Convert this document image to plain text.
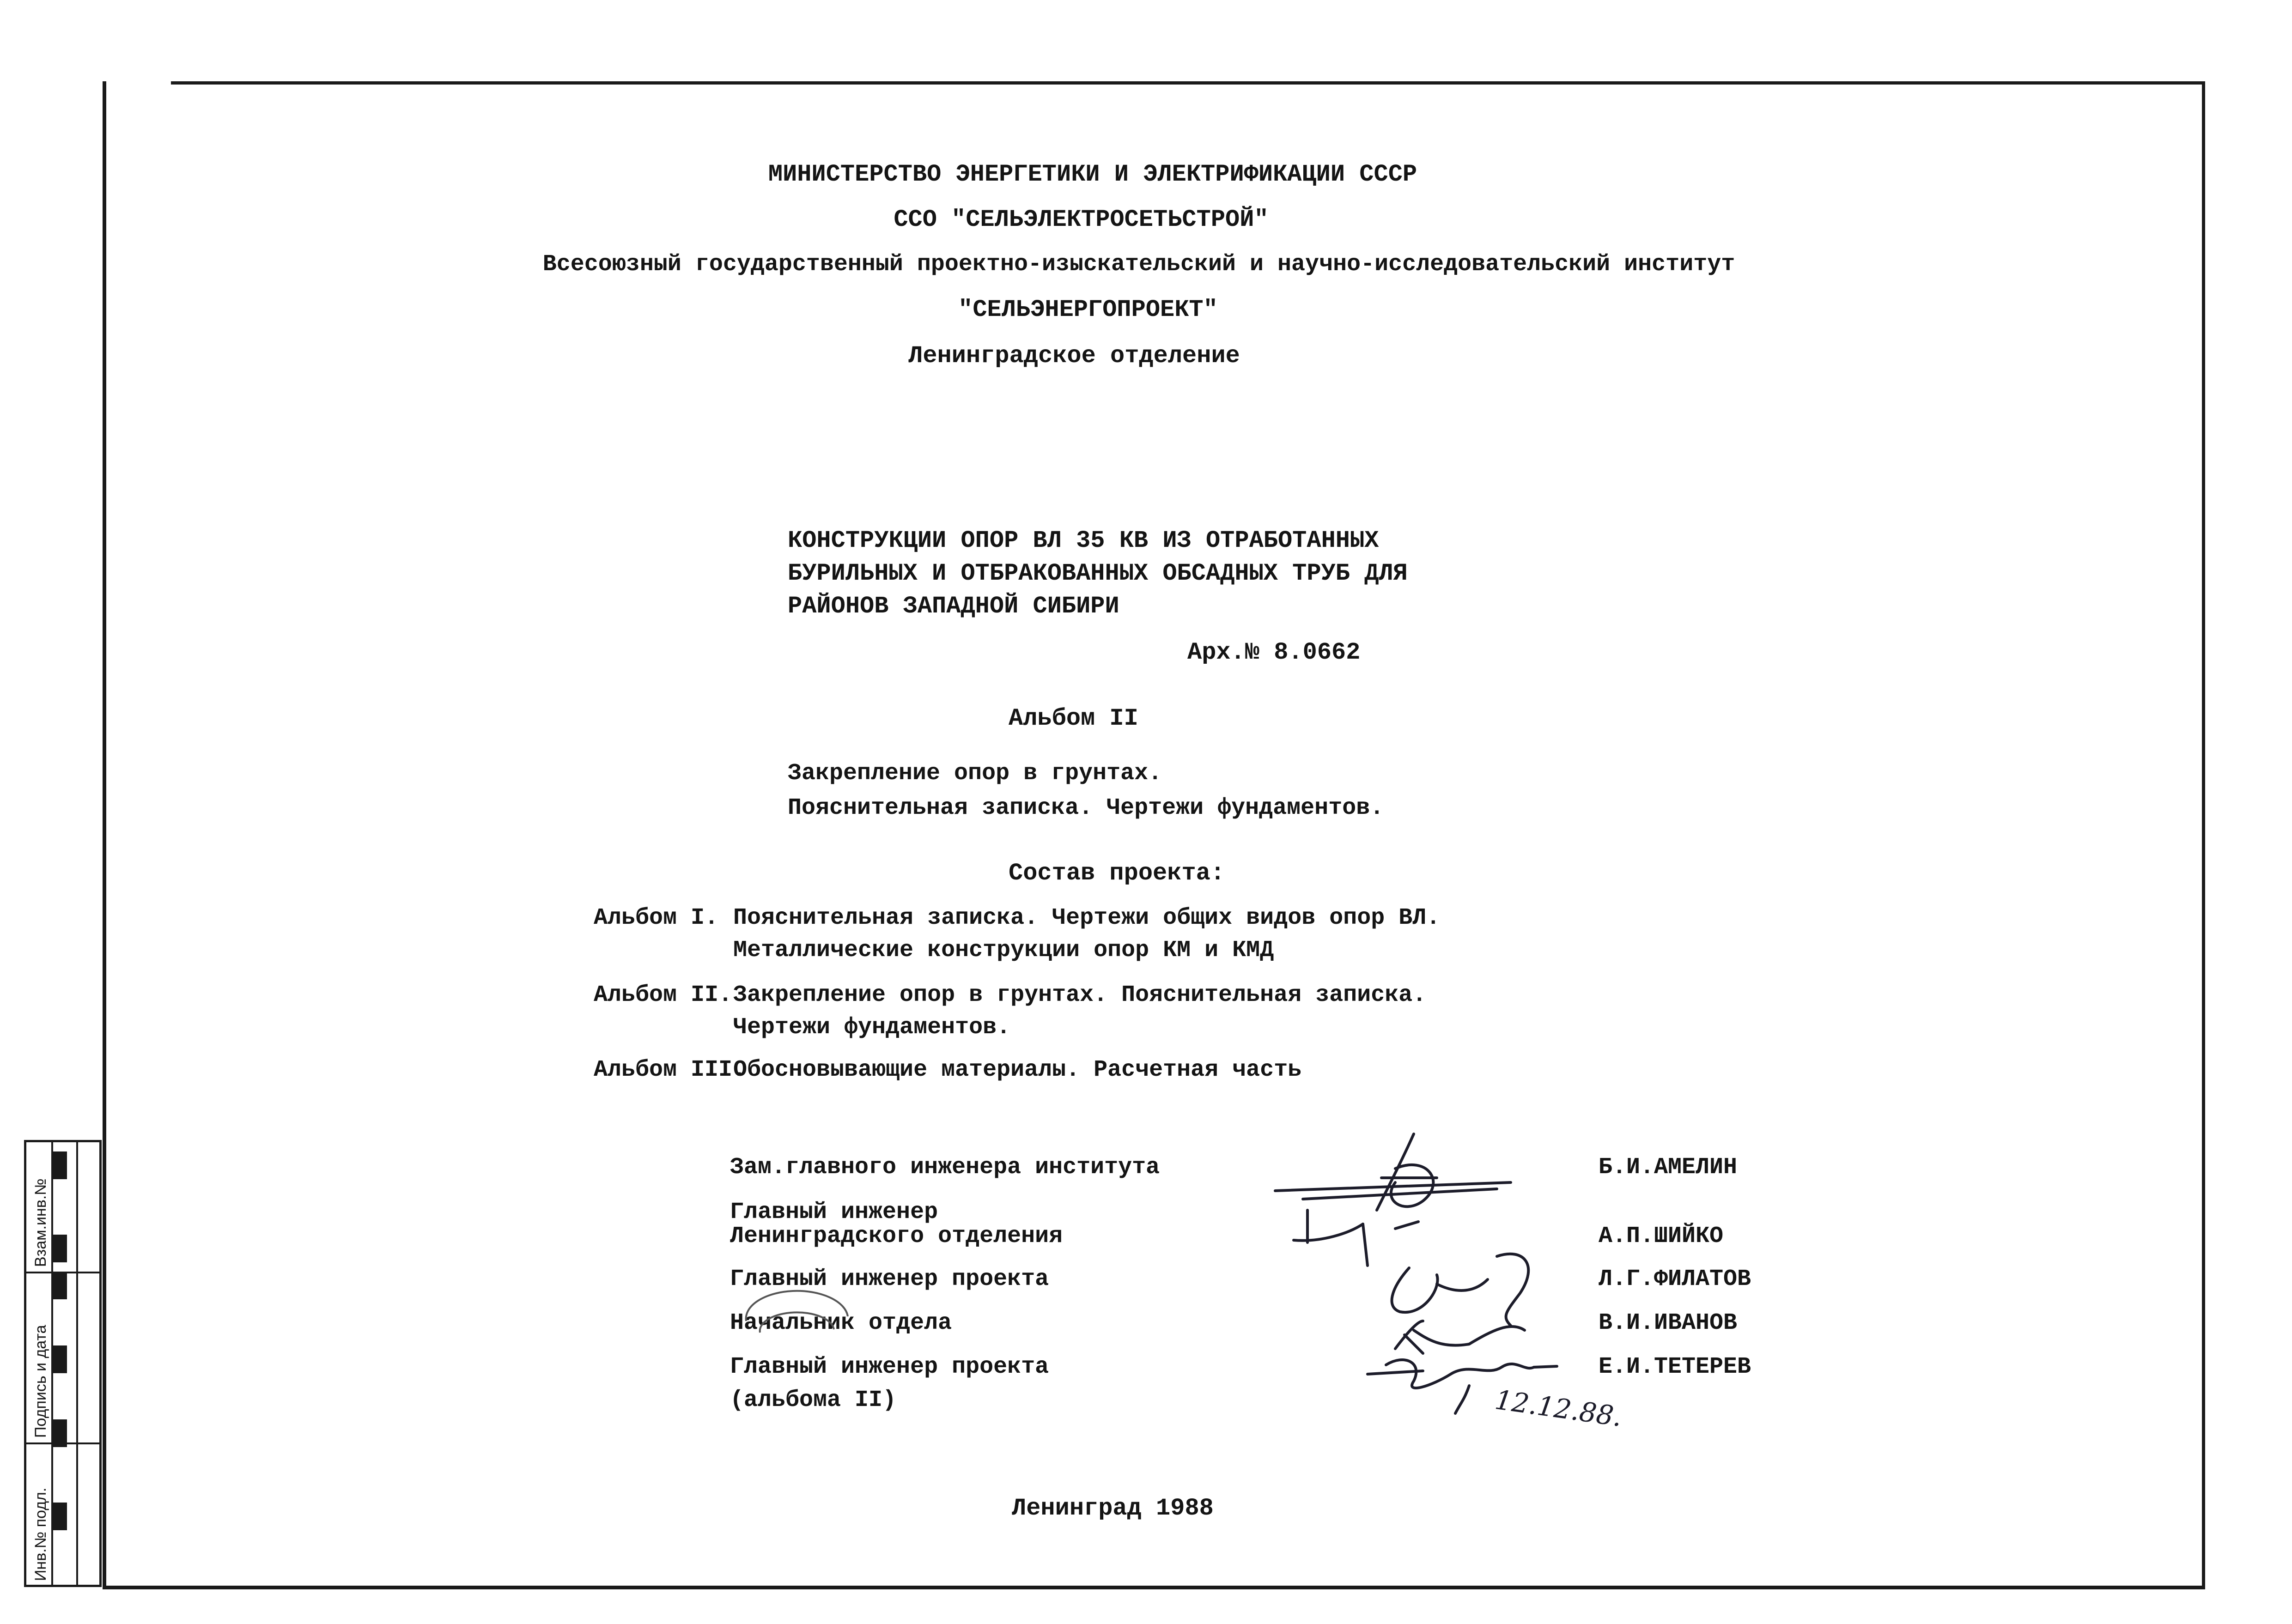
МИНИСТЕРСТВО ЭНЕРГЕТИКИ И ЭЛЕКТРИФИКАЦИИ СССР
ССО "СЕЛЬЭЛЕКТРОСЕТЬСТРОЙ"
Всесоюзный государственный проектно-изыскательский и научно-исследовательский институт
"СЕЛЬЭНЕРГОПРОЕКТ"
Ленинградское отделение
КОНСТРУКЦИИ ОПОР ВЛ 35 КВ ИЗ ОТРАБОТАННЫХ
БУРИЛЬНЫХ И ОТБРАКОВАННЫХ ОБСАДНЫХ ТРУБ ДЛЯ
РАЙОНОВ ЗАПАДНОЙ СИБИРИ
Арх.№ 8.0662
Альбом II
Закрепление опор в грунтах.
Пояснительная записка. Чертежи фундаментов.
Состав проекта:
Альбом I. Пояснительная записка. Чертежи общих видов опор ВЛ.
Металлические конструкции опор КМ и КМД
Альбом II. Закрепление опор в грунтах. Пояснительная записка.
Чертежи фундаментов.
Альбом III.
Обосновывающие материалы. Расчетная часть
Зам.главного инженера института
Главный инженер
Ленинградского отделения
Главный инженер проекта
Начальник отдела
Главный инженер проекта
(альбома II)
Б.И.АМЕЛИН
А.П.ШИЙКО
Л.Г.ФИЛАТОВ
В.И.ИВАНОВ
Е.И.ТЕТЕРЕВ
12.12.88.
Инв.№ подл.
Подпись и дата
Взам.инв.№
Ленинград 1988
